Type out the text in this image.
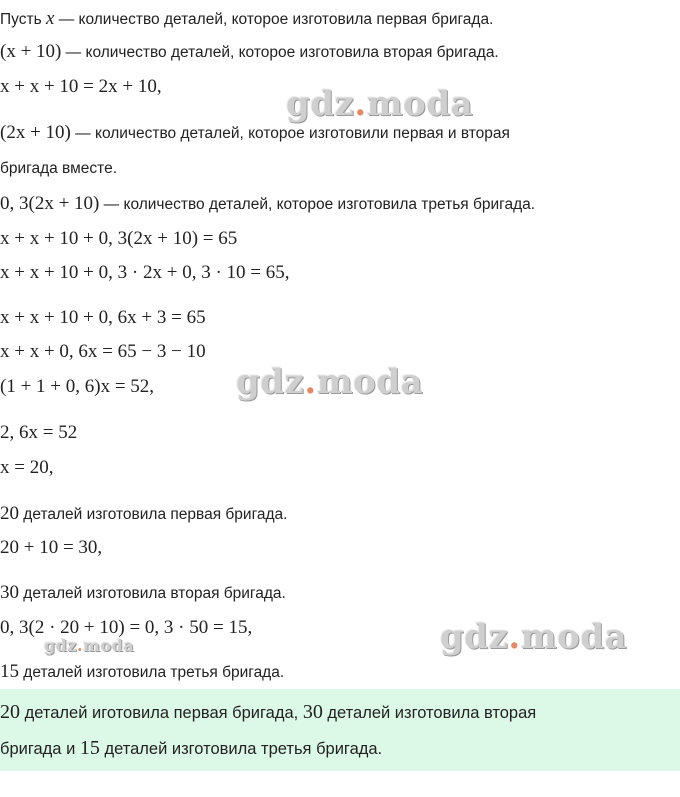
Пусть x — количество деталей, которое изготовила первая бригада.
(x + 10) — количество деталей, которое изготовила вторая бригада.
x + x + 10 = 2x + 10,
(2x + 10) — количество деталей, которое изготовили первая и вторая
бригада вместе.
0, 3(2x + 10) — количество деталей, которое изготовила третья бригада.
x + x + 10 + 0, 3(2x + 10) = 65
x + x + 10 + 0, 3 · 2x + 0, 3 · 10 = 65,
x + x + 10 + 0, 6x + 3 = 65
x + x + 0, 6x = 65 − 3 − 10
(1 + 1 + 0, 6)x = 52,
2, 6x = 52
x = 20,
20 деталей изготовила первая бригада.
20 + 10 = 30,
30 деталей изготовила вторая бригада.
0, 3(2 · 20 + 10) = 0, 3 · 50 = 15,
15 деталей изготовила третья бригада.
gdz.moda
gdz.moda
gdz.moda
gdz.moda
20 деталей иготовила первая бригада, 30 деталей изготовила вторая
бригада и 15 деталей изготовила третья бригада.
